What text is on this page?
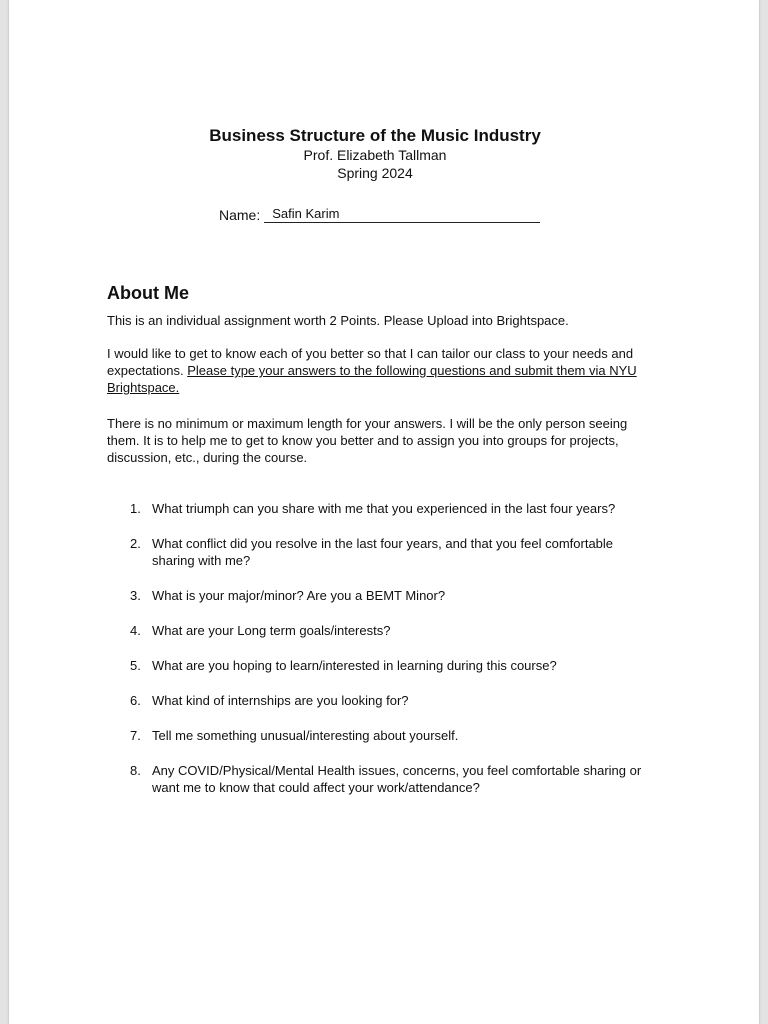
Business Structure of the Music Industry
Prof. Elizabeth Tallman
Spring 2024
Name: Safin Karim
About Me
This is an individual assignment worth 2 Points. Please Upload into Brightspace.
I would like to get to know each of you better so that I can tailor our class to your needs and expectations. Please type your answers to the following questions and submit them via NYU Brightspace.
There is no minimum or maximum length for your answers. I will be the only person seeing them. It is to help me to get to know you better and to assign you into groups for projects, discussion, etc., during the course.
1. What triumph can you share with me that you experienced in the last four years?
2. What conflict did you resolve in the last four years, and that you feel comfortable sharing with me?
3. What is your major/minor? Are you a BEMT Minor?
4. What are your Long term goals/interests?
5. What are you hoping to learn/interested in learning during this course?
6. What kind of internships are you looking for?
7. Tell me something unusual/interesting about yourself.
8. Any COVID/Physical/Mental Health issues, concerns, you feel comfortable sharing or want me to know that could affect your work/attendance?
